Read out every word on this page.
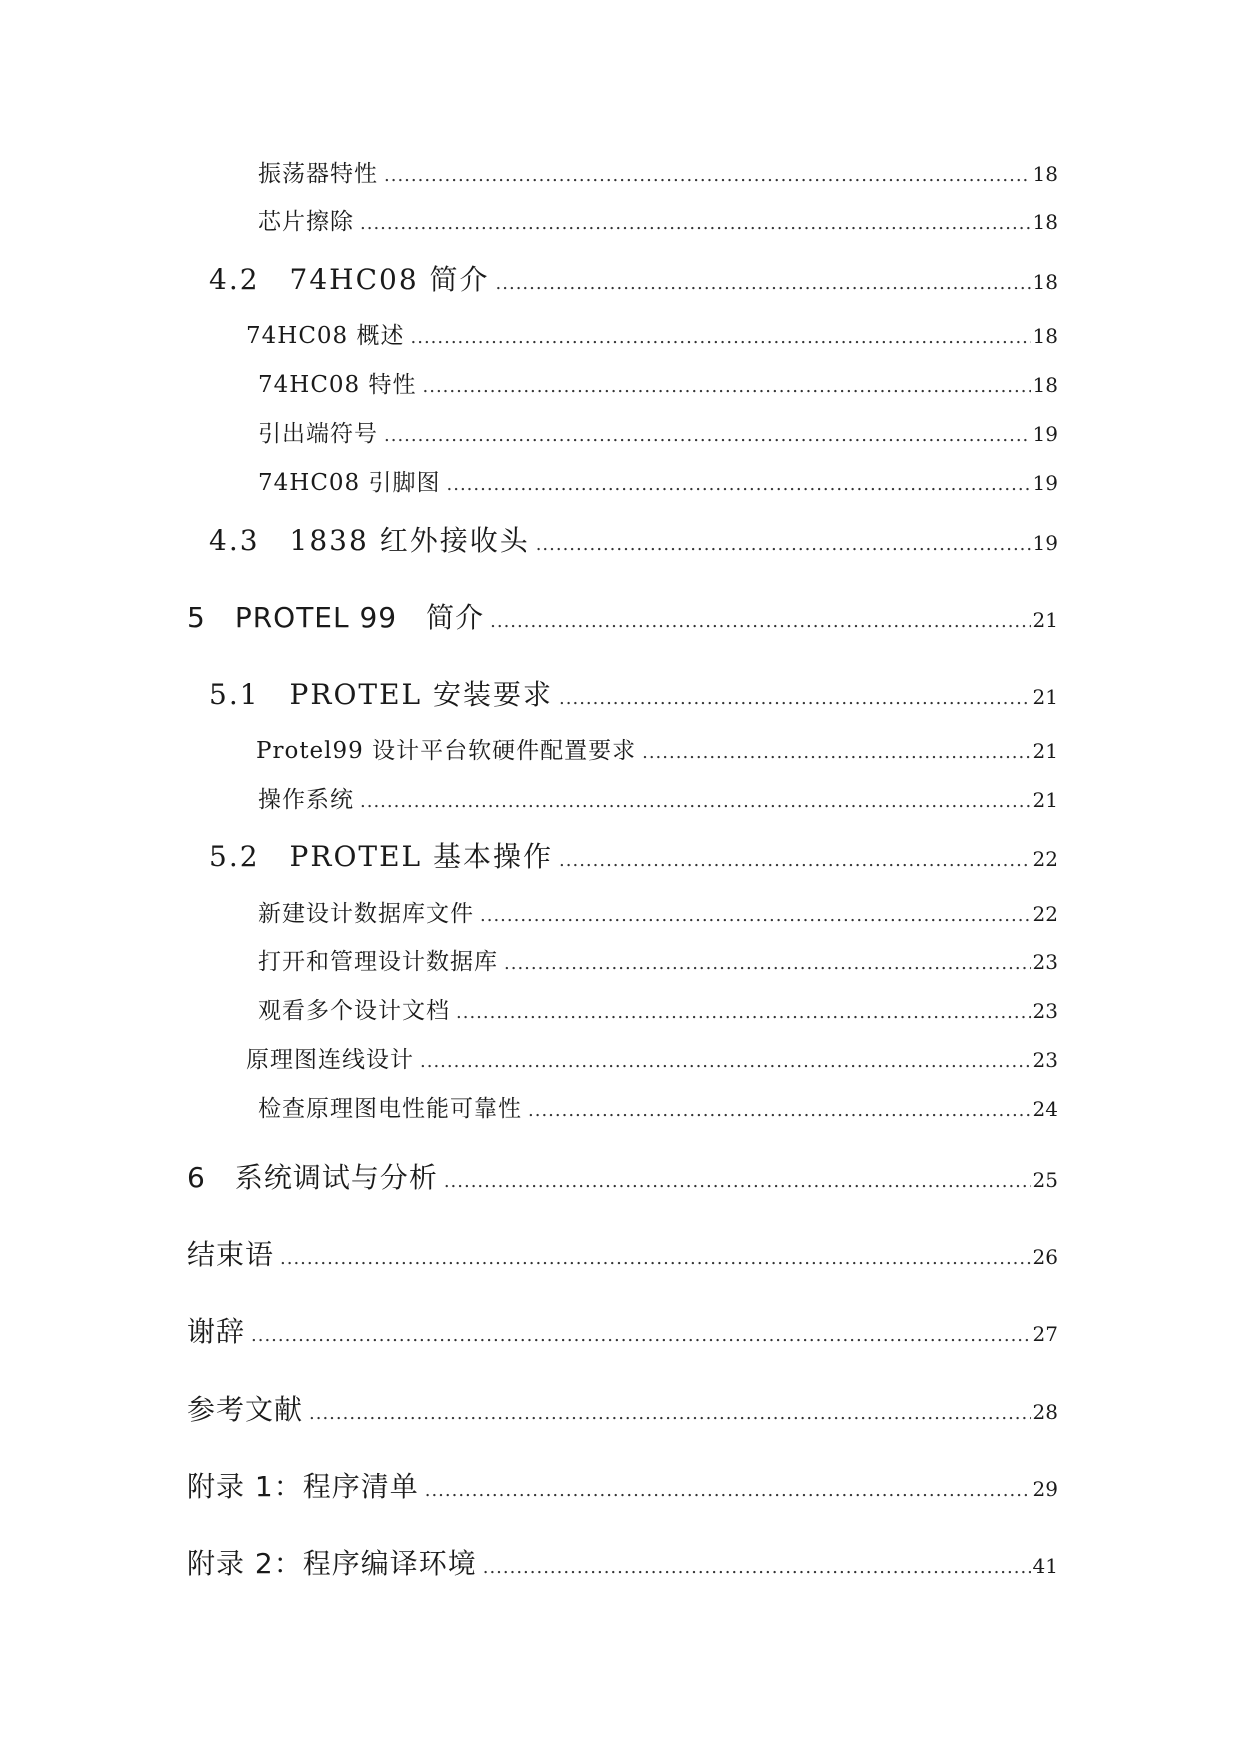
振荡器特性 .....	18
芯片擦除 .....	18
4.2　74HC08 简介 .....	18
74HC08 概述 .....	18
74HC08 特性 .....	18
引出端符号 .....	19
74HC08 引脚图 .....	19
4.3　1838 红外接收头 .....	19
5　PROTEL 99　简介 .....	21
5.1　PROTEL 安装要求 .....	21
Protel99 设计平台软硬件配置要求 .....	21
操作系统 .....	21
5.2　PROTEL 基本操作 .....	22
新建设计数据库文件 .....	22
打开和管理设计数据库 .....	23
观看多个设计文档 .....	23
原理图连线设计 .....	23
检查原理图电性能可靠性 .....	24
6　系统调试与分析 .....	25
结束语 .....	26
谢辞 .....	27
参考文献 .....	28
附录 1：程序清单 .....	29
附录 2：程序编译环境 .....	41
